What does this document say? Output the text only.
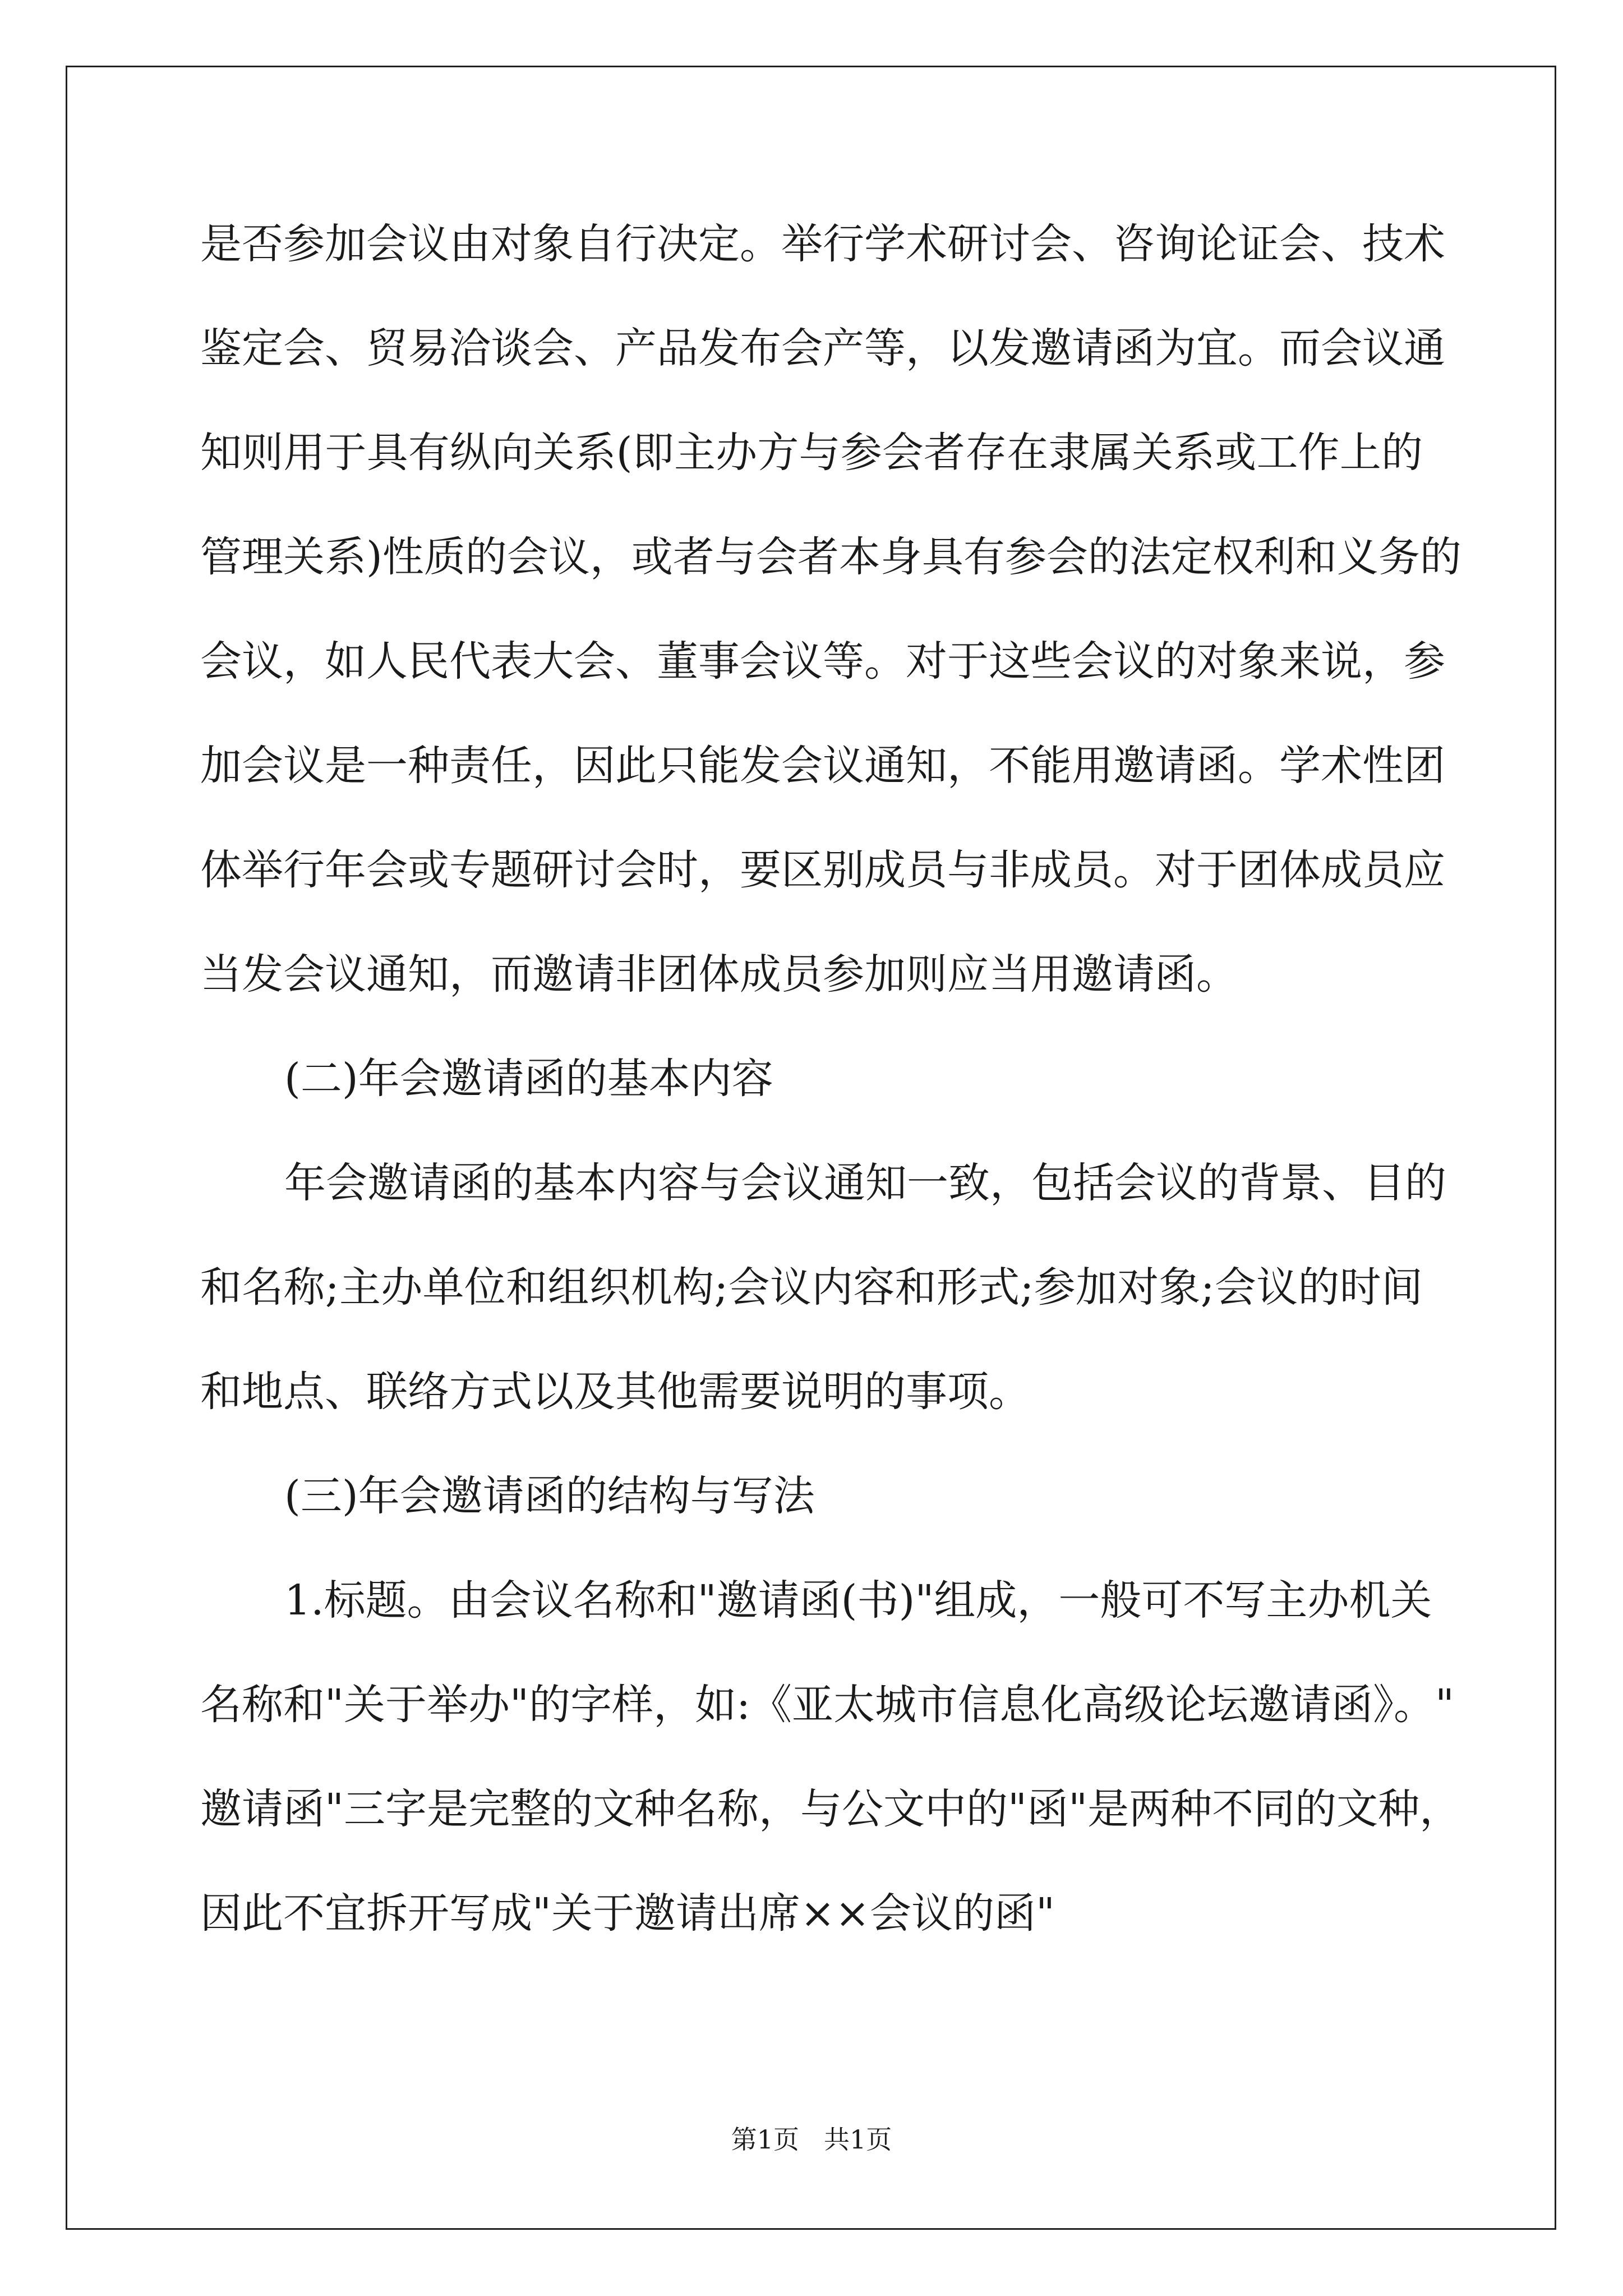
是否参加会议由对象自行决定。举行学术研讨会、咨询论证会、技术
鉴定会、贸易洽谈会、产品发布会产等，以发邀请函为宜。而会议通
知则用于具有纵向关系(即主办方与参会者存在隶属关系或工作上的
管理关系)性质的会议，或者与会者本身具有参会的法定权利和义务的
会议，如人民代表大会、董事会议等。对于这些会议的对象来说，参
加会议是一种责任，因此只能发会议通知，不能用邀请函。学术性团
体举行年会或专题研讨会时，要区别成员与非成员。对于团体成员应
当发会议通知，而邀请非团体成员参加则应当用邀请函。
(二)年会邀请函的基本内容
年会邀请函的基本内容与会议通知一致，包括会议的背景、目的
和名称;主办单位和组织机构;会议内容和形式;参加对象;会议的时间
和地点、联络方式以及其他需要说明的事项。
(三)年会邀请函的结构与写法
1.标题。由会议名称和"邀请函(书)"组成，一般可不写主办机关
名称和"关于举办"的字样，如:《亚太城市信息化高级论坛邀请函》。"
邀请函"三字是完整的文种名称，与公文中的"函"是两种不同的文种，
因此不宜拆开写成"关于邀请出席××会议的函"
第1页 共1页
